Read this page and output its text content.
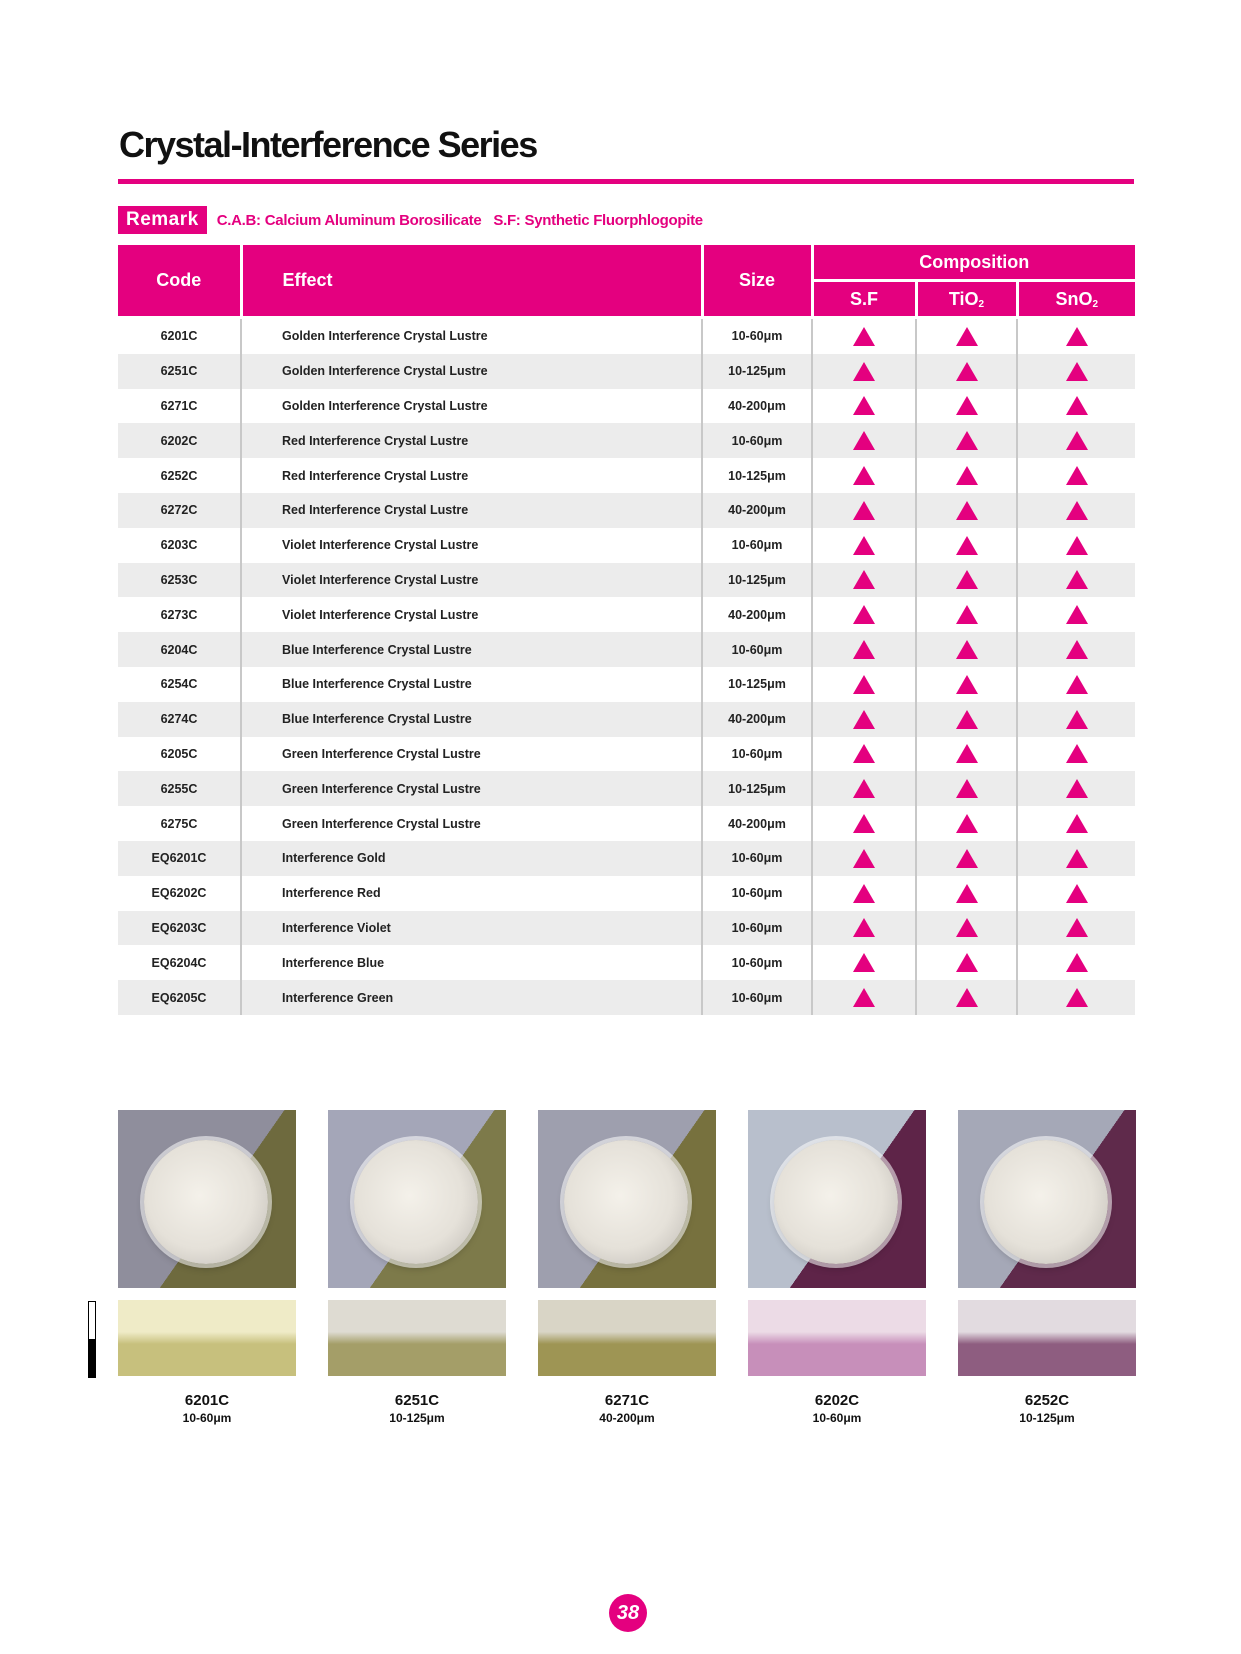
Crystal-Interference Series
Remark	C.A.B: Calcium Aluminum Borosilicate S.F: Synthetic Fluorphlogopite
Code	Effect	Size	Composition		
			S.F	TiO$_2$	SnO$_2$
6201C	Golden Interference Crystal Lustre	10-60μm			
6251C	Golden Interference Crystal Lustre	10-125μm			
6271C	Golden Interference Crystal Lustre	40-200μm			
6202C	Red Interference Crystal Lustre	10-60μm			
6252C	Red Interference Crystal Lustre	10-125μm			
6272C	Red Interference Crystal Lustre	40-200μm			
6203C	Violet Interference Crystal Lustre	10-60μm			
6253C	Violet Interference Crystal Lustre	10-125μm			
6273C	Violet Interference Crystal Lustre	40-200μm			
6204C	Blue Interference Crystal Lustre	10-60μm			
6254C	Blue Interference Crystal Lustre	10-125μm			
6274C	Blue Interference Crystal Lustre	40-200μm			
6205C	Green Interference Crystal Lustre	10-60μm			
6255C	Green Interference Crystal Lustre	10-125μm			
6275C	Green Interference Crystal Lustre	40-200μm			
EQ6201C	Interference Gold	10-60μm			
EQ6202C	Interference Red	10-60μm			
EQ6203C	Interference Violet	10-60μm			
EQ6204C	Interference Blue	10-60μm			
EQ6205C	Interference Green	10-60μm			
6201C
10-60μm
6251C
10-125μm
6271C
40-200μm
6202C
10-60μm
6252C
10-125μm
38
